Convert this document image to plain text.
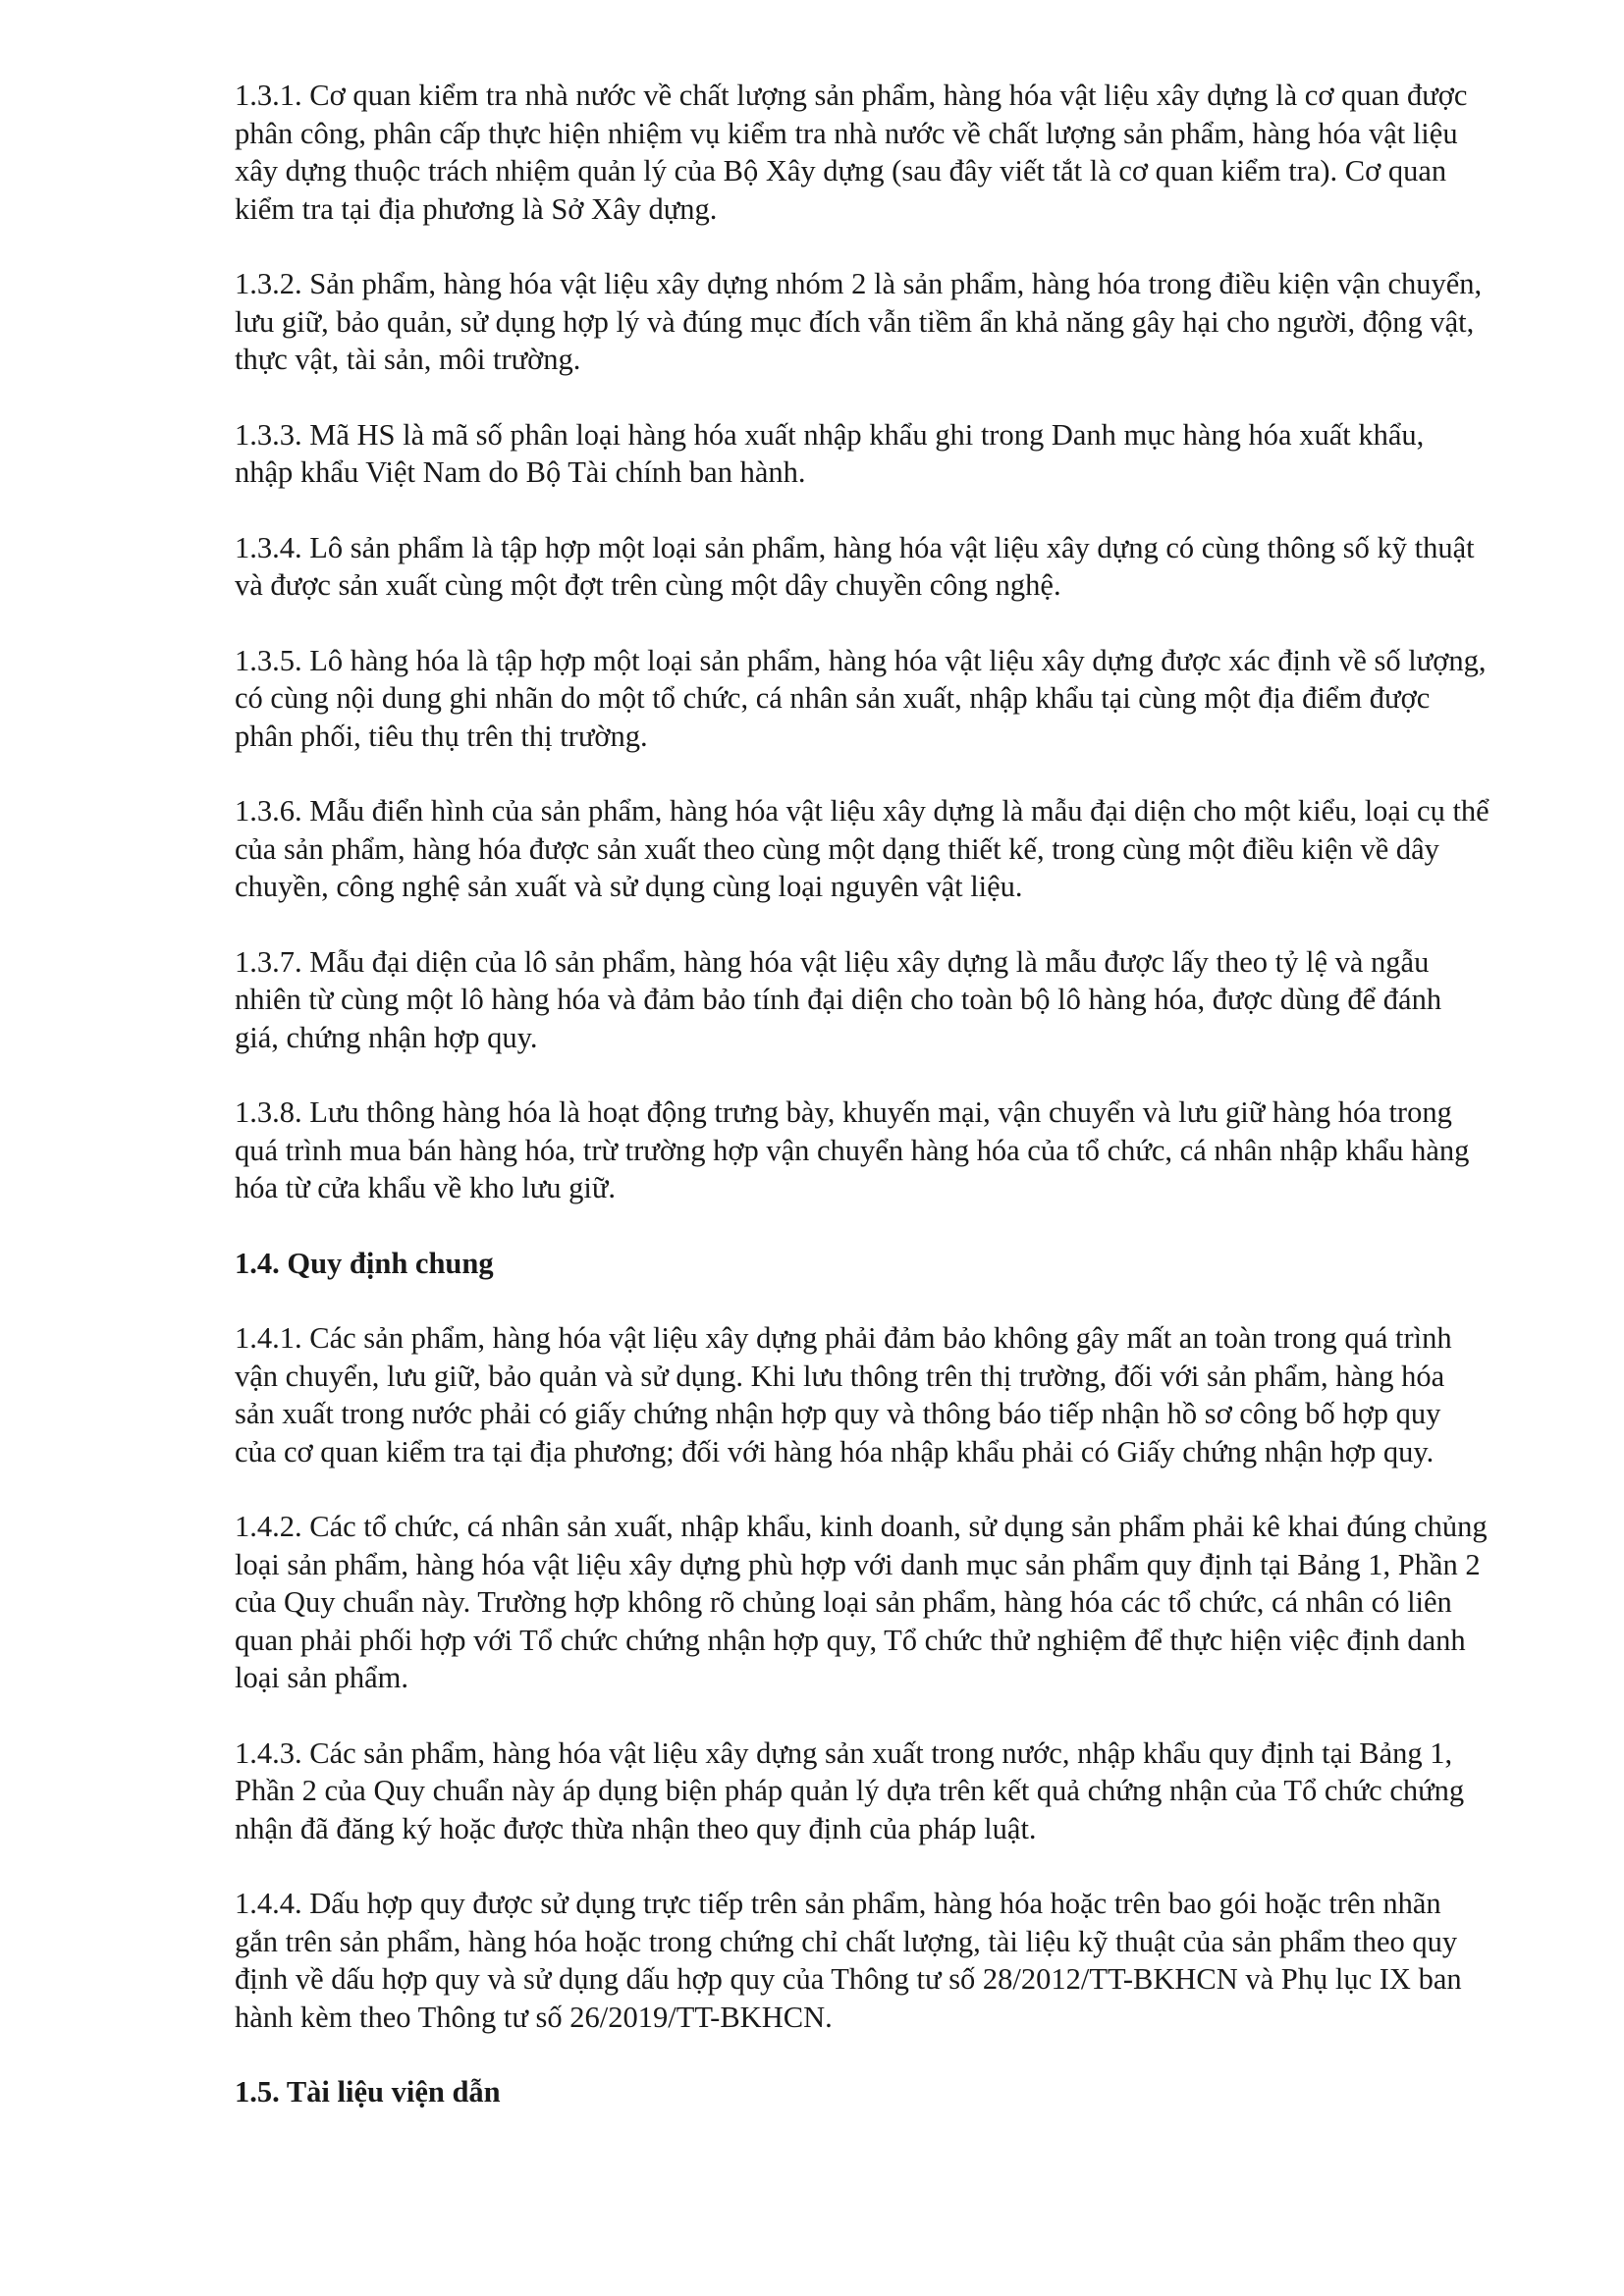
1.3.1. Cơ quan kiểm tra nhà nước về chất lượng sản phẩm, hàng hóa vật liệu xây dựng là cơ quan được phân công, phân cấp thực hiện nhiệm vụ kiểm tra nhà nước về chất lượng sản phẩm, hàng hóa vật liệu xây dựng thuộc trách nhiệm quản lý của Bộ Xây dựng (sau đây viết tắt là cơ quan kiểm tra). Cơ quan kiểm tra tại địa phương là Sở Xây dựng.

1.3.2. Sản phẩm, hàng hóa vật liệu xây dựng nhóm 2 là sản phẩm, hàng hóa trong điều kiện vận chuyển, lưu giữ, bảo quản, sử dụng hợp lý và đúng mục đích vẫn tiềm ẩn khả năng gây hại cho người, động vật, thực vật, tài sản, môi trường.

1.3.3. Mã HS là mã số phân loại hàng hóa xuất nhập khẩu ghi trong Danh mục hàng hóa xuất khẩu, nhập khẩu Việt Nam do Bộ Tài chính ban hành.

1.3.4. Lô sản phẩm là tập hợp một loại sản phẩm, hàng hóa vật liệu xây dựng có cùng thông số kỹ thuật và được sản xuất cùng một đợt trên cùng một dây chuyền công nghệ.

1.3.5. Lô hàng hóa là tập hợp một loại sản phẩm, hàng hóa vật liệu xây dựng được xác định về số lượng, có cùng nội dung ghi nhãn do một tổ chức, cá nhân sản xuất, nhập khẩu tại cùng một địa điểm được phân phối, tiêu thụ trên thị trường.

1.3.6. Mẫu điển hình của sản phẩm, hàng hóa vật liệu xây dựng là mẫu đại diện cho một kiểu, loại cụ thể của sản phẩm, hàng hóa được sản xuất theo cùng một dạng thiết kế, trong cùng một điều kiện về dây chuyền, công nghệ sản xuất và sử dụng cùng loại nguyên vật liệu.

1.3.7. Mẫu đại diện của lô sản phẩm, hàng hóa vật liệu xây dựng là mẫu được lấy theo tỷ lệ và ngẫu nhiên từ cùng một lô hàng hóa và đảm bảo tính đại diện cho toàn bộ lô hàng hóa, được dùng để đánh giá, chứng nhận hợp quy.

1.3.8. Lưu thông hàng hóa là hoạt động trưng bày, khuyến mại, vận chuyển và lưu giữ hàng hóa trong quá trình mua bán hàng hóa, trừ trường hợp vận chuyển hàng hóa của tổ chức, cá nhân nhập khẩu hàng hóa từ cửa khẩu về kho lưu giữ.

1.4. Quy định chung

1.4.1. Các sản phẩm, hàng hóa vật liệu xây dựng phải đảm bảo không gây mất an toàn trong quá trình vận chuyển, lưu giữ, bảo quản và sử dụng. Khi lưu thông trên thị trường, đối với sản phẩm, hàng hóa sản xuất trong nước phải có giấy chứng nhận hợp quy và thông báo tiếp nhận hồ sơ công bố hợp quy của cơ quan kiểm tra tại địa phương; đối với hàng hóa nhập khẩu phải có Giấy chứng nhận hợp quy.

1.4.2. Các tổ chức, cá nhân sản xuất, nhập khẩu, kinh doanh, sử dụng sản phẩm phải kê khai đúng chủng loại sản phẩm, hàng hóa vật liệu xây dựng phù hợp với danh mục sản phẩm quy định tại Bảng 1, Phần 2 của Quy chuẩn này. Trường hợp không rõ chủng loại sản phẩm, hàng hóa các tổ chức, cá nhân có liên quan phải phối hợp với Tổ chức chứng nhận hợp quy, Tổ chức thử nghiệm để thực hiện việc định danh loại sản phẩm.

1.4.3. Các sản phẩm, hàng hóa vật liệu xây dựng sản xuất trong nước, nhập khẩu quy định tại Bảng 1, Phần 2 của Quy chuẩn này áp dụng biện pháp quản lý dựa trên kết quả chứng nhận của Tổ chức chứng nhận đã đăng ký hoặc được thừa nhận theo quy định của pháp luật.

1.4.4. Dấu hợp quy được sử dụng trực tiếp trên sản phẩm, hàng hóa hoặc trên bao gói hoặc trên nhãn gắn trên sản phẩm, hàng hóa hoặc trong chứng chỉ chất lượng, tài liệu kỹ thuật của sản phẩm theo quy định về dấu hợp quy và sử dụng dấu hợp quy của Thông tư số 28/2012/TT-BKHCN và Phụ lục IX ban hành kèm theo Thông tư số 26/2019/TT-BKHCN.

1.5. Tài liệu viện dẫn
